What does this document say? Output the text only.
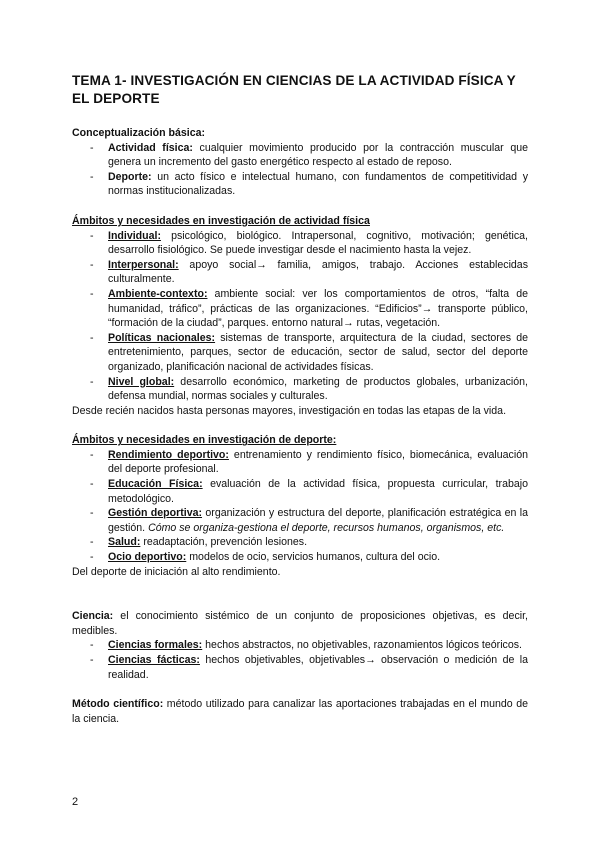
TEMA 1- INVESTIGACIÓN EN CIENCIAS DE LA ACTIVIDAD FÍSICA Y EL DEPORTE
Conceptualización básica:
- Actividad física: cualquier movimiento producido por la contracción muscular que genera un incremento del gasto energético respecto al estado de reposo.
- Deporte: un acto físico e intelectual humano, con fundamentos de competitividad y normas institucionalizadas.
Ámbitos y necesidades en investigación de actividad física
- Individual: psicológico, biológico. Intrapersonal, cognitivo, motivación; genética, desarrollo fisiológico. Se puede investigar desde el nacimiento hasta la vejez.
- Interpersonal: apoyo social→ familia, amigos, trabajo. Acciones establecidas culturalmente.
- Ambiente-contexto: ambiente social: ver los comportamientos de otros, “falta de humanidad, tráfico”, prácticas de las organizaciones. “Edificios”→ transporte público, “formación de la ciudad”, parques. entorno natural→ rutas, vegetación.
- Políticas nacionales: sistemas de transporte, arquitectura de la ciudad, sectores de entretenimiento, parques, sector de educación, sector de salud, sector del deporte organizado, planificación nacional de actividades físicas.
- Nivel global: desarrollo económico, marketing de productos globales, urbanización, defensa mundial, normas sociales y culturales.
Desde recién nacidos hasta personas mayores, investigación en todas las etapas de la vida.
Ámbitos y necesidades en investigación de deporte:
- Rendimiento deportivo: entrenamiento y rendimiento físico, biomecánica, evaluación del deporte profesional.
- Educación Física: evaluación de la actividad física, propuesta curricular, trabajo metodológico.
- Gestión deportiva: organización y estructura del deporte, planificación estratégica en la gestión. Cómo se organiza-gestiona el deporte, recursos humanos, organismos, etc.
- Salud: readaptación, prevención lesiones.
- Ocio deportivo: modelos de ocio, servicios humanos, cultura del ocio.
Del deporte de iniciación al alto rendimiento.
Ciencia: el conocimiento sistémico de un conjunto de proposiciones objetivas, es decir, medibles.
- Ciencias formales: hechos abstractos, no objetivables, razonamientos lógicos teóricos.
- Ciencias fácticas: hechos objetivables, objetivables→ observación o medición de la realidad.
Método científico: método utilizado para canalizar las aportaciones trabajadas en el mundo de la ciencia.
2
